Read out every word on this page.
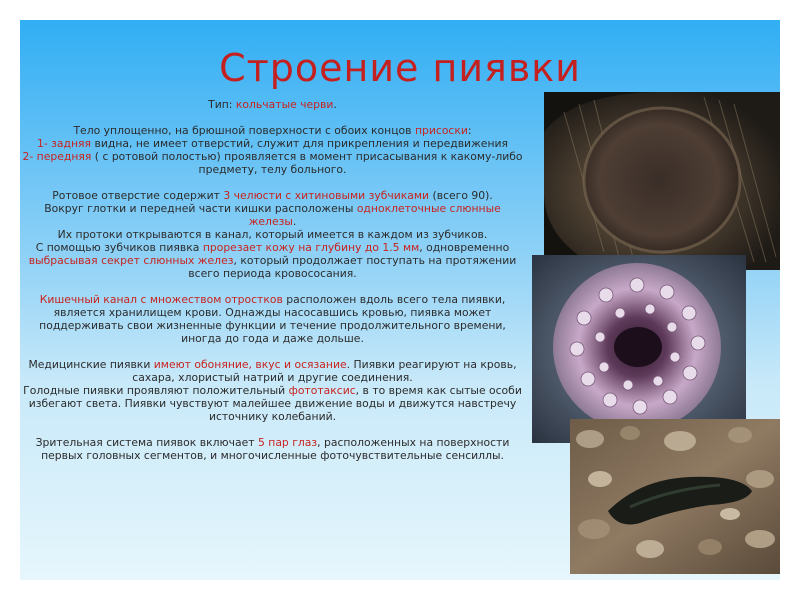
Строение пиявки

Тип: кольчатые черви.

Тело уплощенно, на брюшной поверхности с обоих концов присоски:

1- задняя видна, не имеет отверстий, служит для прикрепления и передвижения

2- передняя ( с ротовой полостью) проявляется в момент присасывания к какому-либо предмету, телу больного.

Ротовое отверстие содержит 3 челюсти с хитиновыми зубчиками (всего 90).

Вокруг глотки и передней части кишки расположены одноклеточные слюнные железы.

Их протоки открываются в канал, который имеется в каждом из зубчиков.

С помощью зубчиков пиявка прорезает кожу на глубину до 1.5 мм, одновременно выбрасывая секрет слюнных желез, который продолжает поступать на протяжении всего периода кровососания.

Кишечный канал с множеством отростков расположен вдоль всего тела пиявки, является хранилищем крови. Однажды насосавшись кровью, пиявка может поддерживать свои жизненные функции и течение продолжительного времени, иногда до года и даже дольше.

Медицинские пиявки имеют обоняние, вкус и осязание. Пиявки реагируют на кровь, сахара, хлористый натрий и другие соединения.

Голодные пиявки проявляют положительный фототаксис, в то время как сытые особи избегают света. Пиявки чувствуют малейшее движение воды и движутся навстречу источнику колебаний.

Зрительная система пиявок включает 5 пар глаз, расположенных на поверхности первых головных сегментов, и многочисленные фоточувствительные сенсиллы.
